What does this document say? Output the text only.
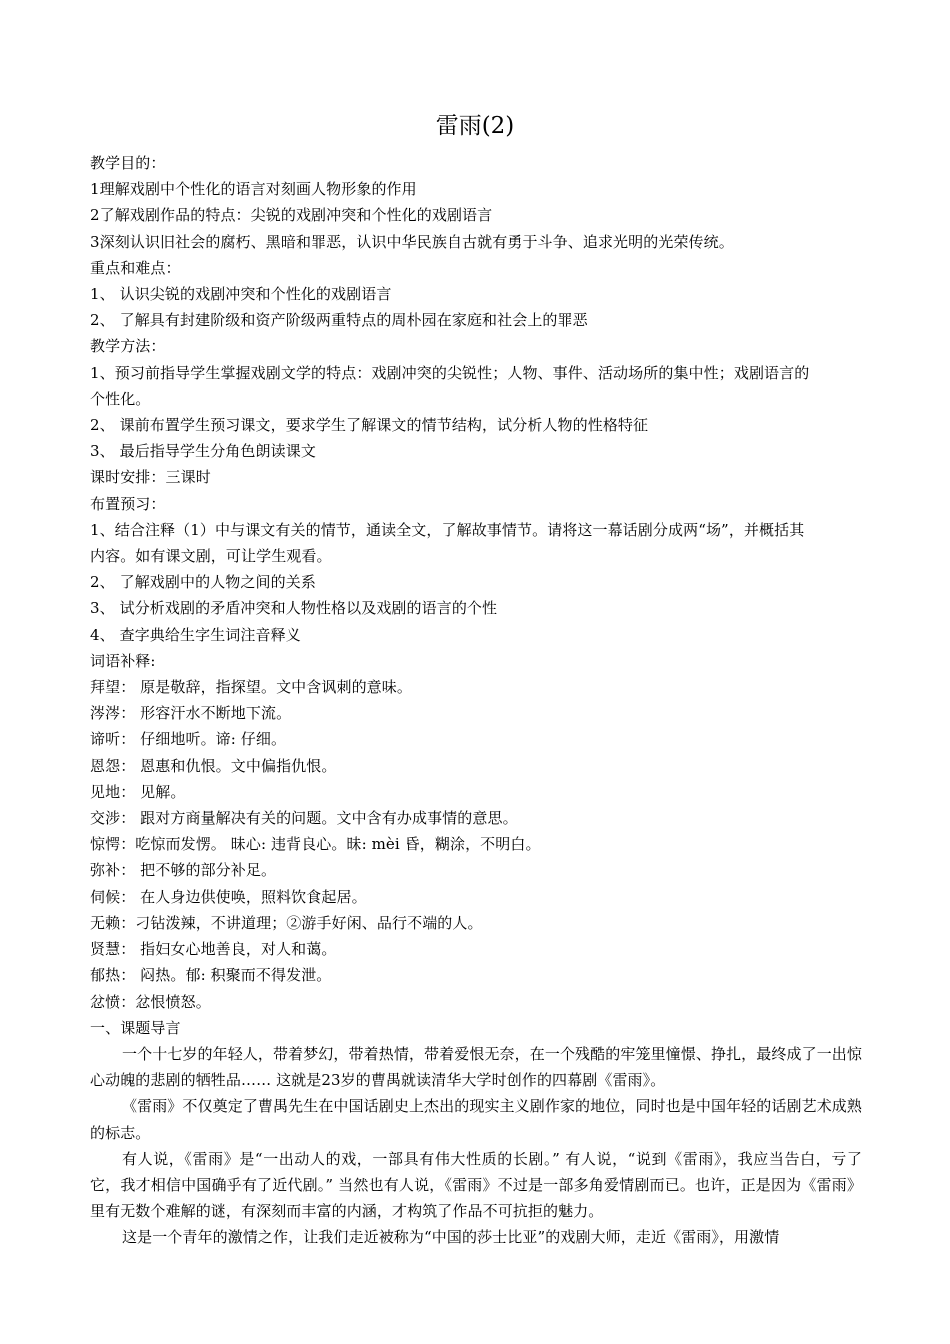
雷雨(2)

教学目的：

1理解戏剧中个性化的语言对刻画人物形象的作用

2了解戏剧作品的特点：尖锐的戏剧冲突和个性化的戏剧语言

3深刻认识旧社会的腐朽、黑暗和罪恶，认识中华民族自古就有勇于斗争、追求光明的光荣传统。

重点和难点：

1、 认识尖锐的戏剧冲突和个性化的戏剧语言

2、 了解具有封建阶级和资产阶级两重特点的周朴园在家庭和社会上的罪恶

教学方法：

1、预习前指导学生掌握戏剧文学的特点：戏剧冲突的尖锐性；人物、事件、活动场所的集中性；戏剧语言的

个性化。

2、 课前布置学生预习课文，要求学生了解课文的情节结构，试分析人物的性格特征

3、 最后指导学生分角色朗读课文

课时安排：三课时

布置预习：

1、结合注释（1）中与课文有关的情节，通读全文，了解故事情节。请将这一幕话剧分成两“场”，并概括其

内容。如有课文剧，可让学生观看。

2、 了解戏剧中的人物之间的关系

3、 试分析戏剧的矛盾冲突和人物性格以及戏剧的语言的个性

4、 查字典给生字生词注音释义

词语补释:

拜望： 原是敬辞，指探望。文中含讽刺的意味。

涔涔： 形容汗水不断地下流。

谛听： 仔细地听。谛: 仔细。

恩怨： 恩惠和仇恨。文中偏指仇恨。

见地： 见解。

交涉： 跟对方商量解决有关的问题。文中含有办成事情的意思。

惊愕：吃惊而发愣。 昧心: 违背良心。昧: mèi 昏，糊涂，不明白。

弥补： 把不够的部分补足。

伺候： 在人身边供使唤，照料饮食起居。

无赖：刁钻泼辣，不讲道理；②游手好闲、品行不端的人。

贤慧： 指妇女心地善良，对人和蔼。

郁热： 闷热。郁: 积聚而不得发泄。

忿愤：忿恨愤怒。

一、课题导言

一个十七岁的年轻人，带着梦幻，带着热情，带着爱恨无奈，在一个残酷的牢笼里憧憬、挣扎，最终成了一出惊心动魄的悲剧的牺牲品…… 这就是23岁的曹禺就读清华大学时创作的四幕剧《雷雨》。

《雷雨》不仅奠定了曹禺先生在中国话剧史上杰出的现实主义剧作家的地位，同时也是中国年轻的话剧艺术成熟的标志。

有人说，《雷雨》是“一出动人的戏，一部具有伟大性质的长剧。” 有人说，“说到《雷雨》，我应当告白，亏了它，我才相信中国确乎有了近代剧。” 当然也有人说，《雷雨》不过是一部多角爱情剧而已。也许，正是因为《雷雨》里有无数个难解的谜，有深刻而丰富的内涵，才构筑了作品不可抗拒的魅力。

这是一个青年的激情之作，让我们走近被称为“中国的莎士比亚”的戏剧大师，走近《雷雨》，用激情
